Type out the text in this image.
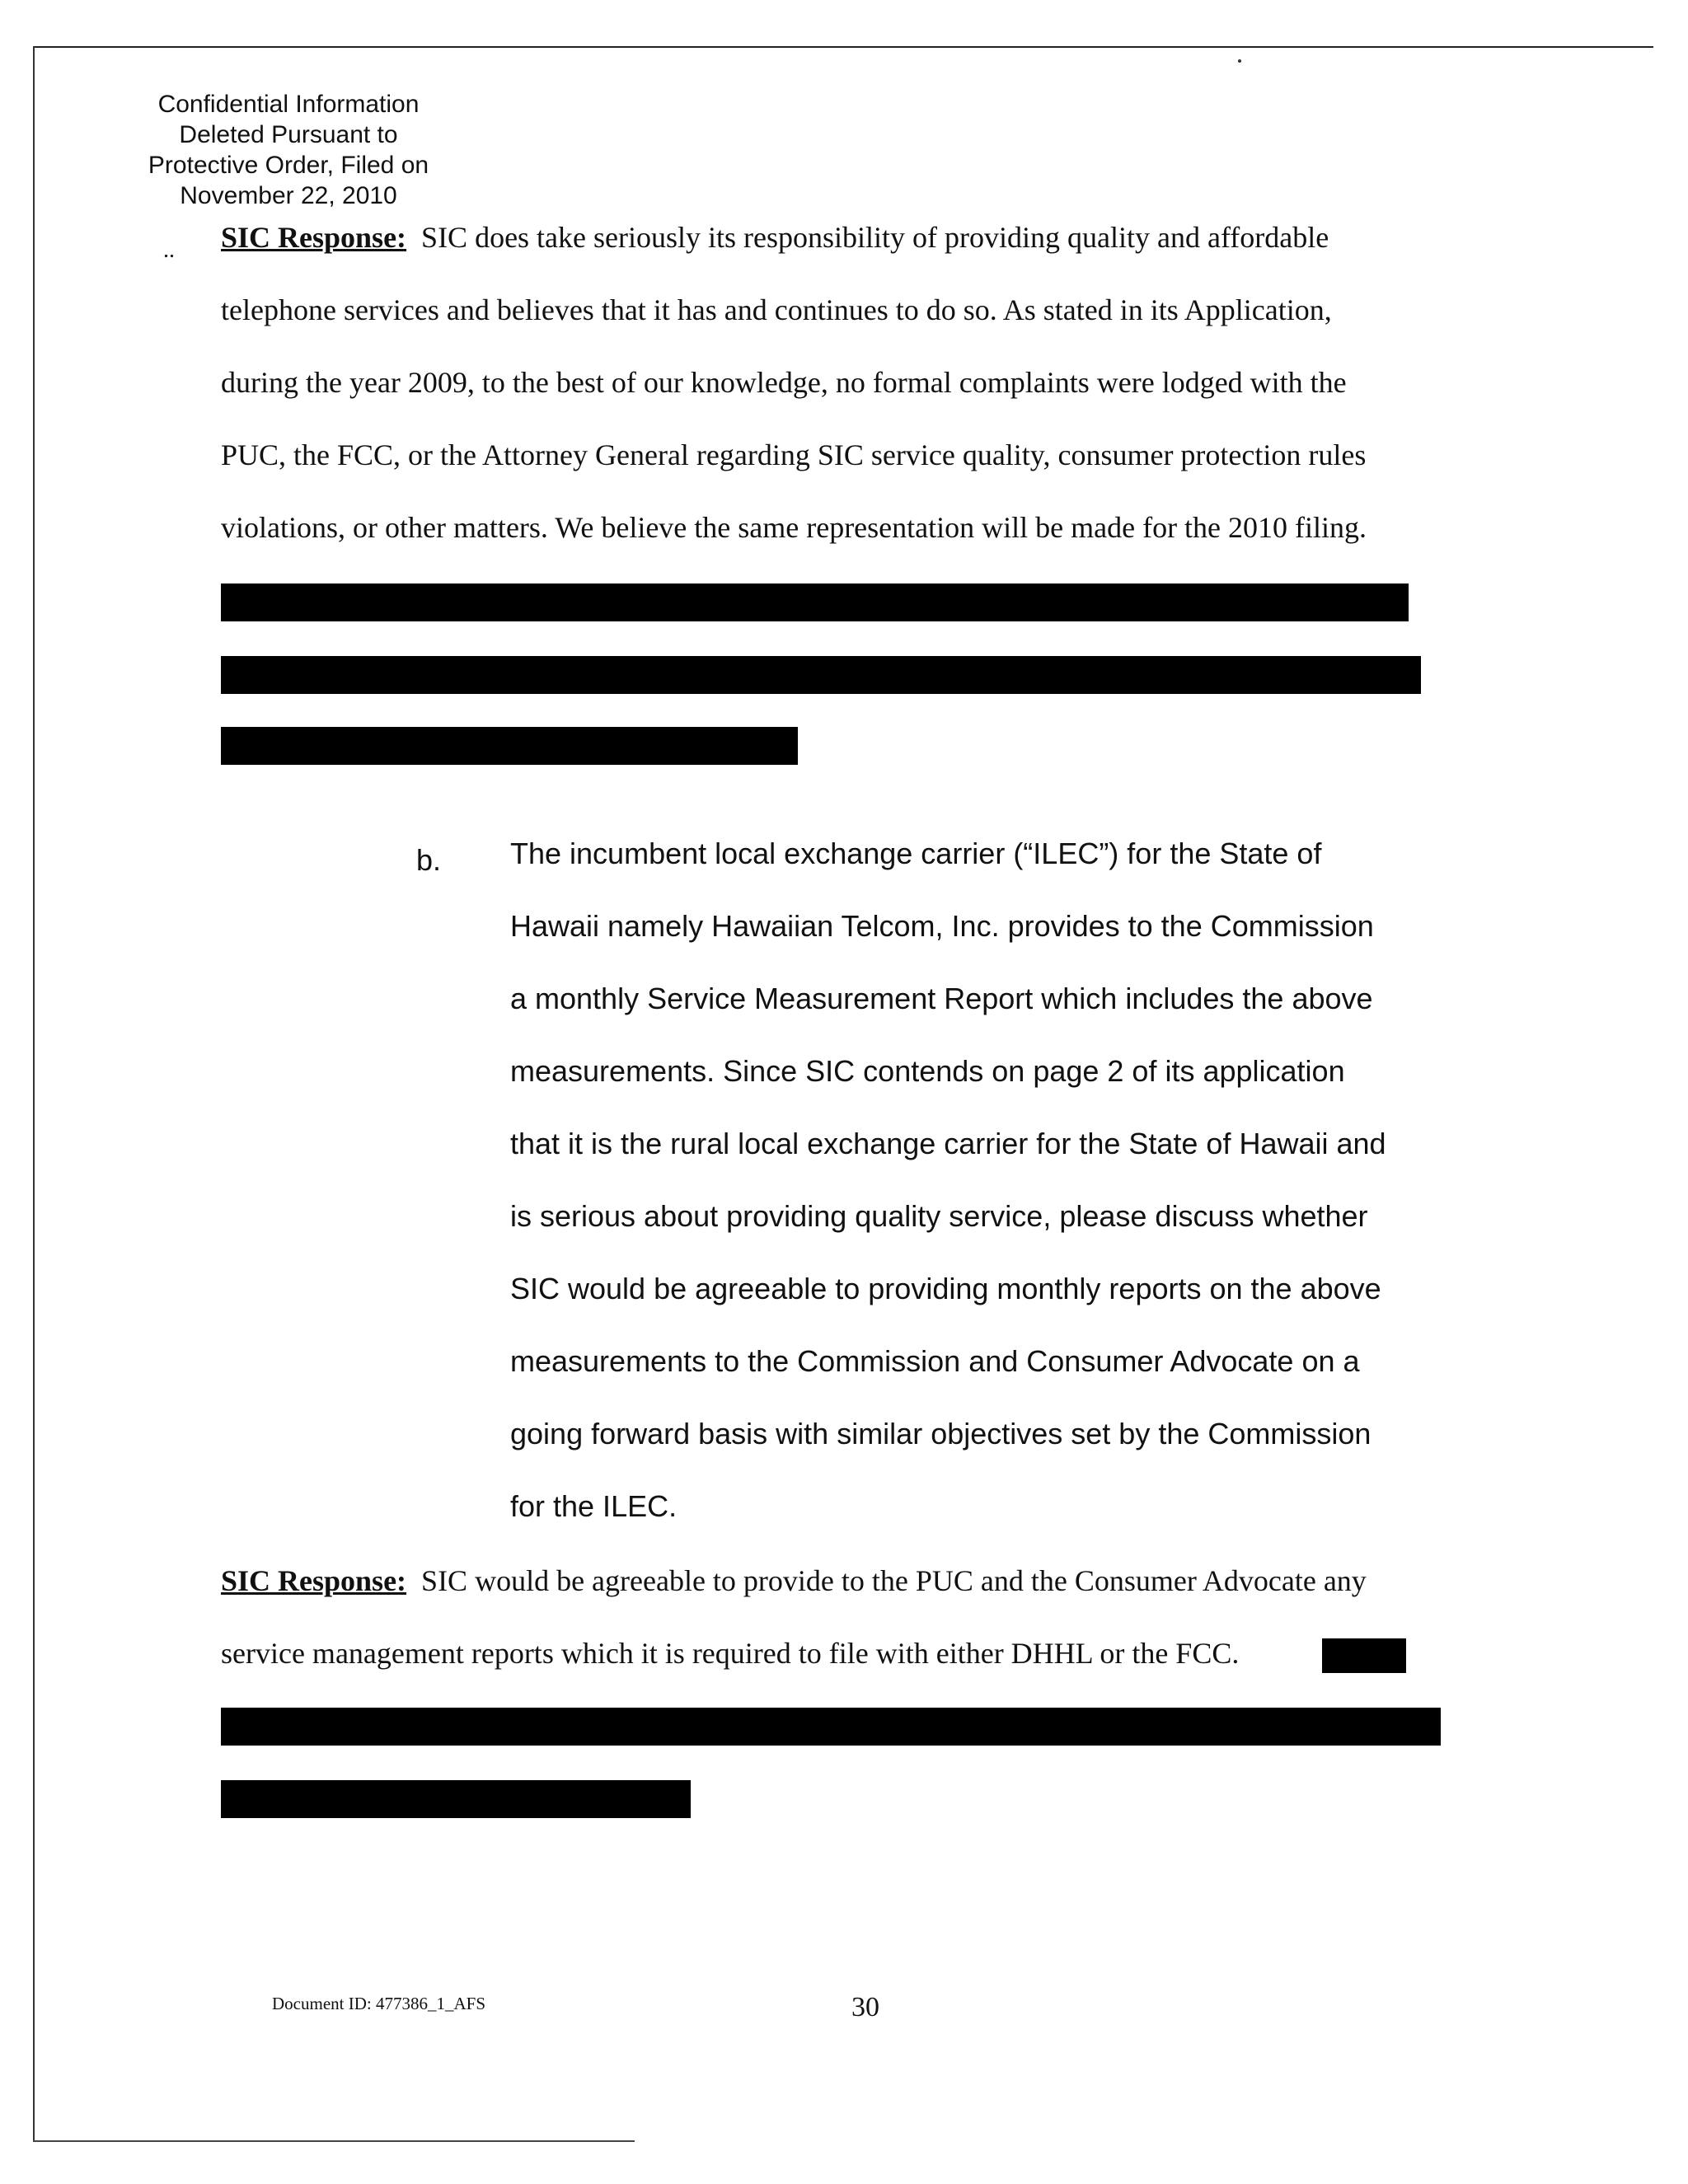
Confidential Information
Deleted Pursuant to
Protective Order, Filed on
November 22, 2010
.. SIC Response: SIC does take seriously its responsibility of providing quality and affordable
telephone services and believes that it has and continues to do so. As stated in its Application,
during the year 2009, to the best of our knowledge, no formal complaints were lodged with the
PUC, the FCC, or the Attorney General regarding SIC service quality, consumer protection rules
violations, or other matters. We believe the same representation will be made for the 2010 filing.
b. The incumbent local exchange carrier (“ILEC”) for the State of
Hawaii namely Hawaiian Telcom, Inc. provides to the Commission
a monthly Service Measurement Report which includes the above
measurements. Since SIC contends on page 2 of its application
that it is the rural local exchange carrier for the State of Hawaii and
is serious about providing quality service, please discuss whether
SIC would be agreeable to providing monthly reports on the above
measurements to the Commission and Consumer Advocate on a
going forward basis with similar objectives set by the Commission
for the ILEC.
SIC Response: SIC would be agreeable to provide to the PUC and the Consumer Advocate any
service management reports which it is required to file with either DHHL or the FCC.
Document ID: 477386_1_AFS	30
